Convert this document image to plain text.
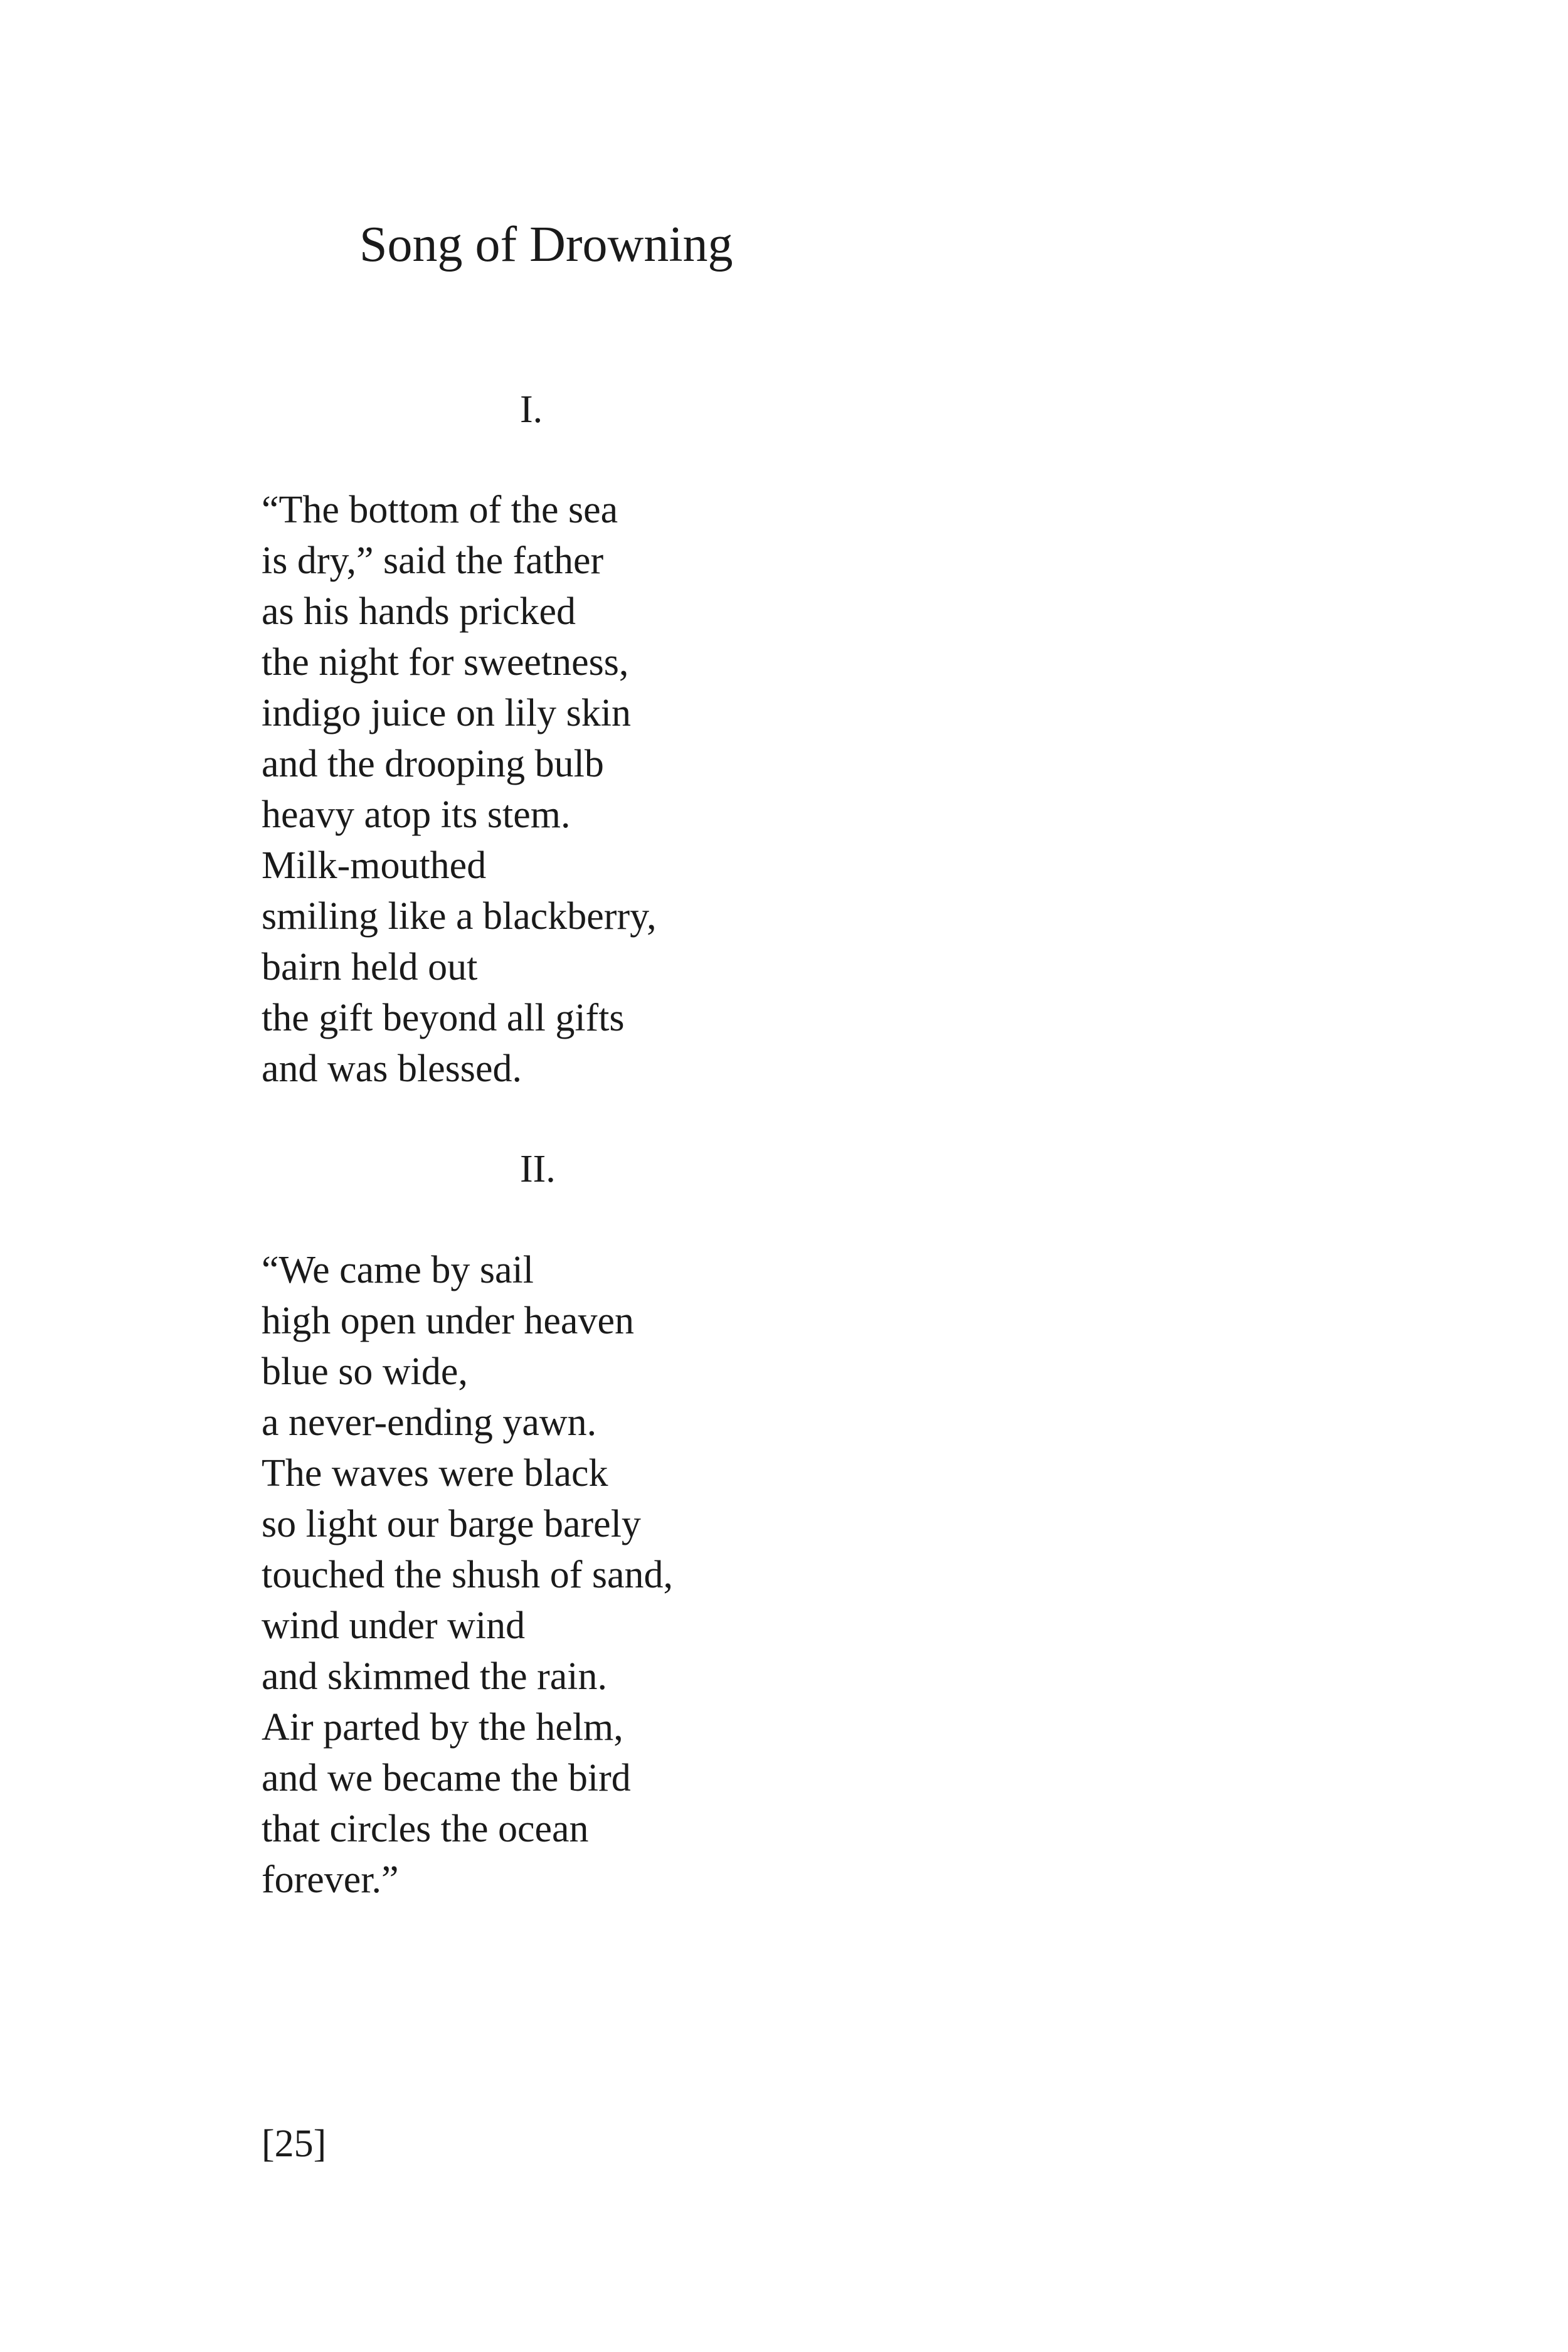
Song of Drowning
I.
“The bottom of the sea
is dry,” said the father
as his hands pricked
the night for sweetness,
indigo juice on lily skin
and the drooping bulb
heavy atop its stem.
Milk-mouthed
smiling like a blackberry,
bairn held out
the gift beyond all gifts
and was blessed.
II.
“We came by sail
high open under heaven
blue so wide,
a never-ending yawn.
The waves were black
so light our barge barely
touched the shush of sand,
wind under wind
and skimmed the rain.
Air parted by the helm,
and we became the bird
that circles the ocean
forever.”
[25]
